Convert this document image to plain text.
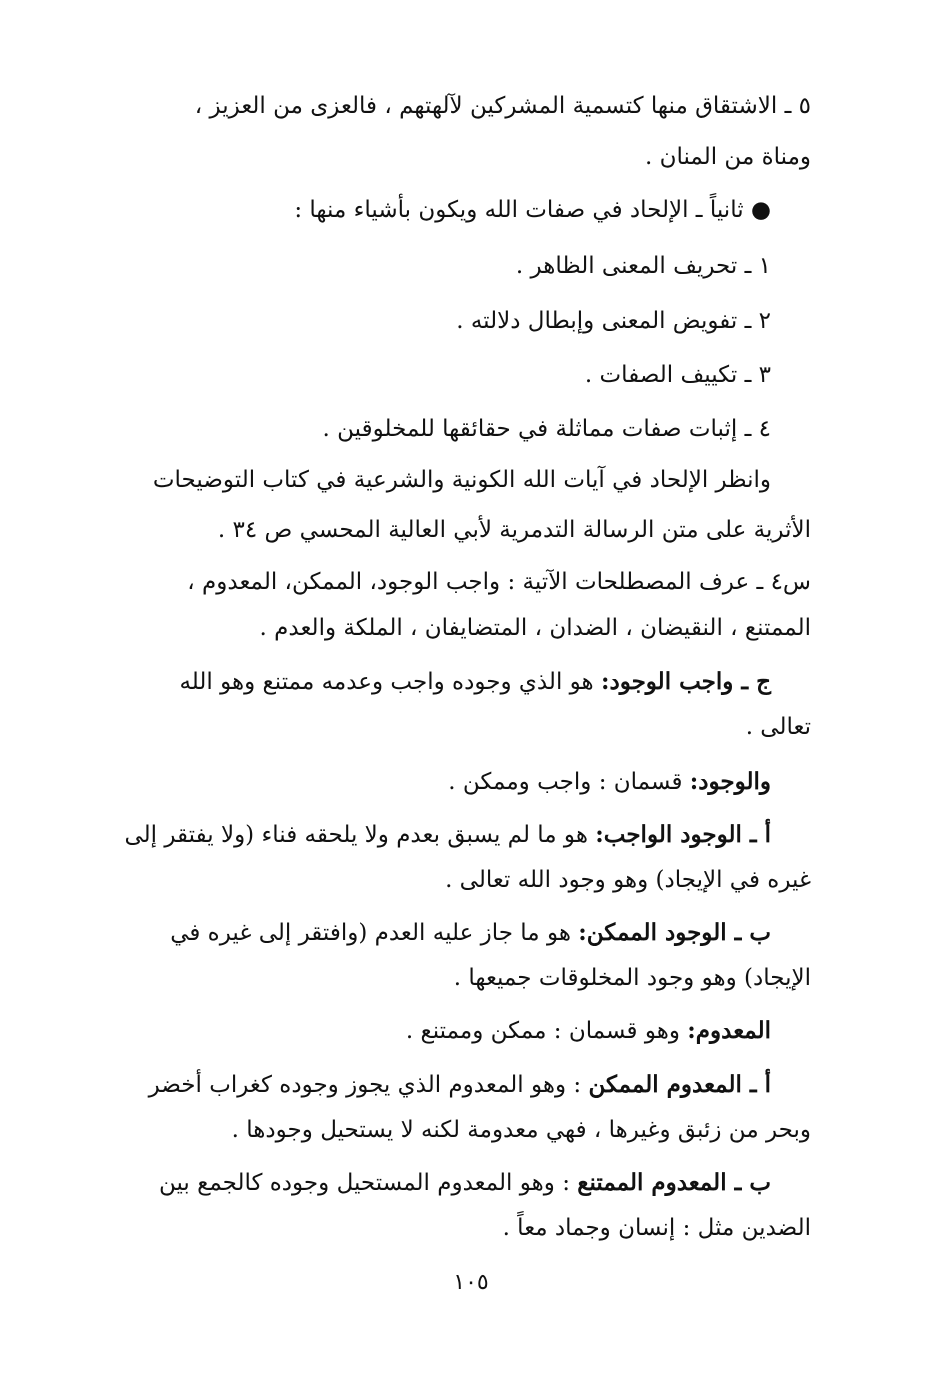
٥ ـ الاشتقاق منها كتسمية المشركين لآلهتهم ، فالعزى من العزيز ،
ومناة من المنان .
● ثانياً ـ الإلحاد في صفات الله ويكون بأشياء منها :
١ ـ تحريف المعنى الظاهر .
٢ ـ تفويض المعنى وإبطال دلالته .
٣ ـ تكييف الصفات .
٤ ـ إثبات صفات مماثلة في حقائقها للمخلوقين .
وانظر الإلحاد في آيات الله الكونية والشرعية في كتاب التوضيحات
الأثرية على متن الرسالة التدمرية لأبي العالية المحسي ص ٣٤ .
س٤ ـ عرف المصطلحات الآتية : واجب الوجود، الممكن، المعدوم ،
الممتنع ، النقيضان ، الضدان ، المتضايفان ، الملكة والعدم .
ج ـ واجب الوجود: هو الذي وجوده واجب وعدمه ممتنع وهو الله
تعالى .
والوجود: قسمان : واجب وممكن .
أ ـ الوجود الواجب: هو ما لم يسبق بعدم ولا يلحقه فناء (ولا يفتقر إلى
غيره في الإيجاد) وهو وجود الله تعالى .
ب ـ الوجود الممكن: هو ما جاز عليه العدم (وافتقر إلى غيره في
الإيجاد) وهو وجود المخلوقات جميعها .
المعدوم: وهو قسمان : ممكن وممتنع .
أ ـ المعدوم الممكن : وهو المعدوم الذي يجوز وجوده كغراب أخضر
وبحر من زئبق وغيرها ، فهي معدومة لكنه لا يستحيل وجودها .
ب ـ المعدوم الممتنع : وهو المعدوم المستحيل وجوده كالجمع بين
الضدين مثل : إنسان وجماد معاً .
١٠٥
